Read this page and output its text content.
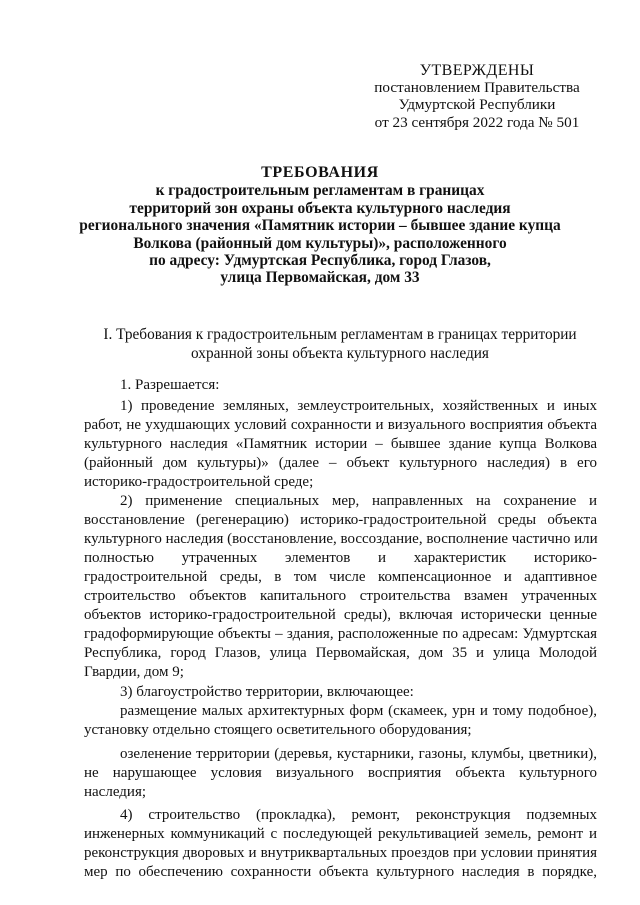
УТВЕРЖДЕНЫ
постановлением Правительства
Удмуртской Республики
от 23 сентября 2022 года № 501
ТРЕБОВАНИЯ
к градостроительным регламентам в границах
территорий зон охраны объекта культурного наследия
регионального значения «Памятник истории – бывшее здание купца
Волкова (районный дом культуры)», расположенного
по адресу: Удмуртская Республика, город Глазов,
улица Первомайская, дом 33
I. Требования к градостроительным регламентам в границах территории
охранной зоны объекта культурного наследия
1. Разрешается:
1) проведение земляных, землеустроительных, хозяйственных и иных
работ, не ухудшающих условий сохранности и визуального восприятия объекта
культурного наследия «Памятник истории – бывшее здание купца Волкова
(районный дом культуры)» (далее – объект культурного наследия) в его
историко-градостроительной среде;
2) применение специальных мер, направленных на сохранение и
восстановление (регенерацию) историко-градостроительной среды объекта
культурного наследия (восстановление, воссоздание, восполнение частично или
полностью утраченных элементов и характеристик историко-
градостроительной среды, в том числе компенсационное и адаптивное
строительство объектов капитального строительства взамен утраченных
объектов историко-градостроительной среды), включая исторически ценные
градоформирующие объекты – здания, расположенные по адресам: Удмуртская
Республика, город Глазов, улица Первомайская, дом 35 и улица Молодой
Гвардии, дом 9;
3) благоустройство территории, включающее:
размещение малых архитектурных форм (скамеек, урн и тому подобное),
установку отдельно стоящего осветительного оборудования;
озеленение территории (деревья, кустарники, газоны, клумбы, цветники),
не нарушающее условия визуального восприятия объекта культурного
наследия;
4) строительство (прокладка), ремонт, реконструкция подземных
инженерных коммуникаций с последующей рекультивацией земель, ремонт и
реконструкция дворовых и внутриквартальных проездов при условии принятия
мер по обеспечению сохранности объекта культурного наследия в порядке,
